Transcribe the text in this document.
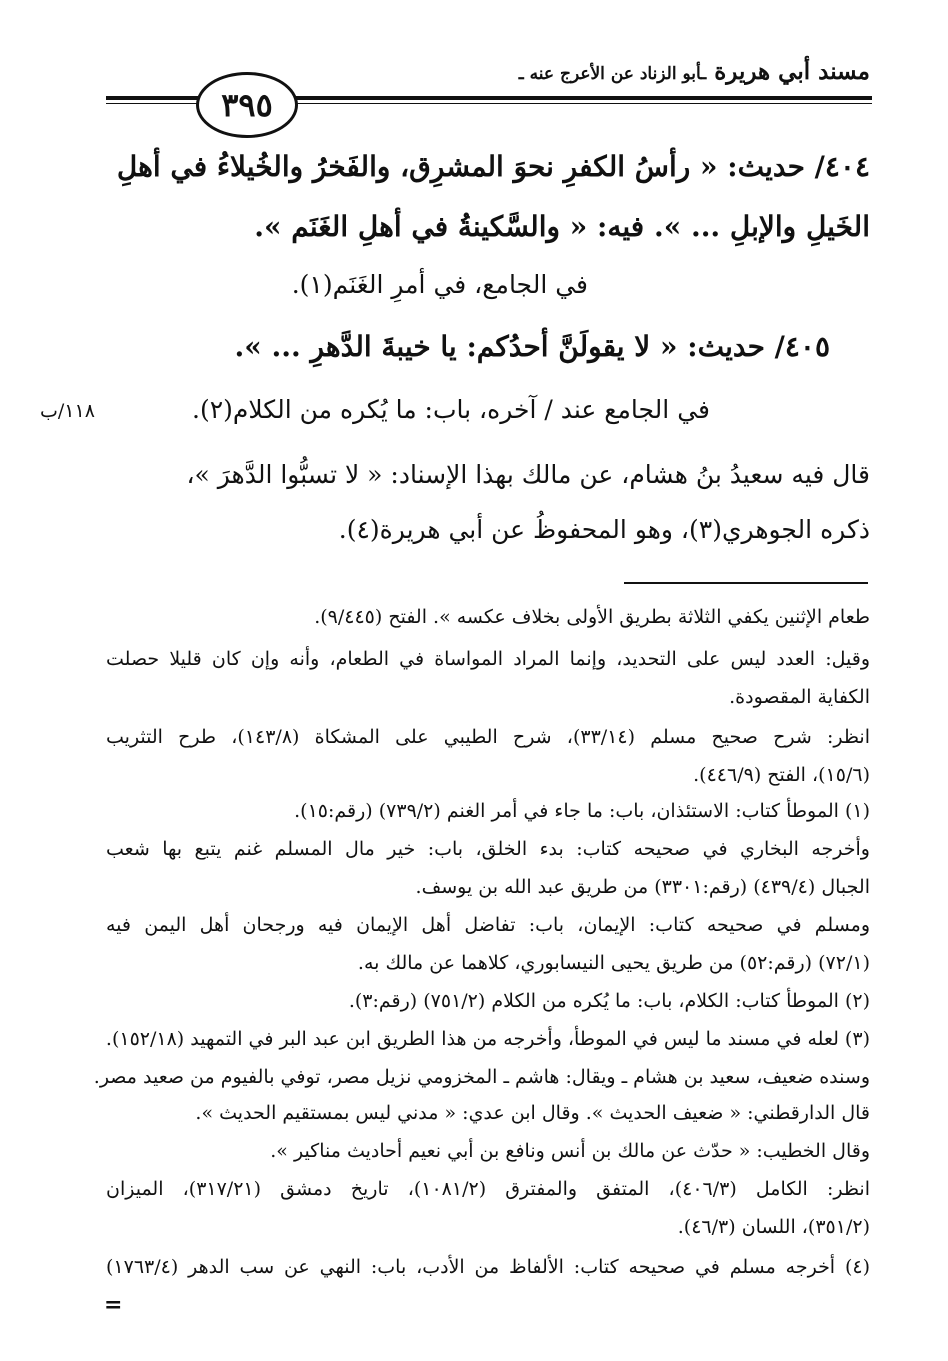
مسند أبي هريرة ـأبو الزناد عن الأعرج عنه ـ
٣٩٥
٤٠٤/ حديث: « رأسُ الكفرِ نحوَ المشرِق، والفَخرُ والخُيلاءُ في أهلِ
الخَيلِ والإبلِ ... ». فيه: « والسَّكينةُ في أهلِ الغَنَم ».
في الجامع، في أمرِ الغَنَم(١).
٤٠٥/ حديث: « لا يقولَنَّ أحدُكم: يا خيبةَ الدَّهرِ ... ».
في الجامع عند / آخره، باب: ما يُكره من الكلام(٢).
١١٨/ب
قال فيه سعيدُ بنُ هشام، عن مالك بهذا الإسناد: « لا تسبُّوا الدَّهرَ »،
ذكره الجوهري(٣)، وهو المحفوظُ عن أبي هريرة(٤).
طعام الإثنين يكفي الثلاثة بطريق الأولى بخلاف عكسه ». الفتح (٩/٤٤٥).
وقيل: العدد ليس على التحديد، وإنما المراد المواساة في الطعام، وأنه وإن كان قليلا حصلت
الكفاية المقصودة.
انظر: شرح صحيح مسلم (٣٣/١٤)، شرح الطيبي على المشكاة (١٤٣/٨)، طرح التثريب
(١٥/٦)، الفتح (٤٤٦/٩).
(١) الموطأ كتاب: الاستئذان، باب: ما جاء في أمر الغنم (٧٣٩/٢) (رقم:١٥).
وأخرجه البخاري في صحيحه كتاب: بدء الخلق، باب: خير مال المسلم غنم يتبع بها شعب
الجبال (٤٣٩/٤) (رقم:٣٣٠١) من طريق عبد الله بن يوسف.
ومسلم في صحيحه كتاب: الإيمان، باب: تفاضل أهل الإيمان فيه ورجحان أهل اليمن فيه
(٧٢/١) (رقم:٥٢) من طريق يحيى النيسابوري، كلاهما عن مالك به.
(٢) الموطأ كتاب: الكلام، باب: ما يُكره من الكلام (٧٥١/٢) (رقم:٣).
(٣) لعله في مسند ما ليس في الموطأ، وأخرجه من هذا الطريق ابن عبد البر في التمهيد (١٥٢/١٨).
وسنده ضعيف، سعيد بن هشام ـ ويقال: هاشم ـ المخزومي نزيل مصر، توفي بالفيوم من صعيد مصر.
قال الدارقطني: « ضعيف الحديث ». وقال ابن عدي: « مدني ليس بمستقيم الحديث ».
وقال الخطيب: « حدّث عن مالك بن أنس ونافع بن أبي نعيم أحاديث مناكير ».
انظر: الكامل (٤٠٦/٣)، المتفق والمفترق (١٠٨١/٢)، تاريخ دمشق (٣١٧/٢١)، الميزان
(٣٥١/٢)، اللسان (٤٦/٣).
(٤) أخرجه مسلم في صحيحه كتاب: الألفاظ من الأدب، باب: النهي عن سب الدهر (١٧٦٣/٤)
=
